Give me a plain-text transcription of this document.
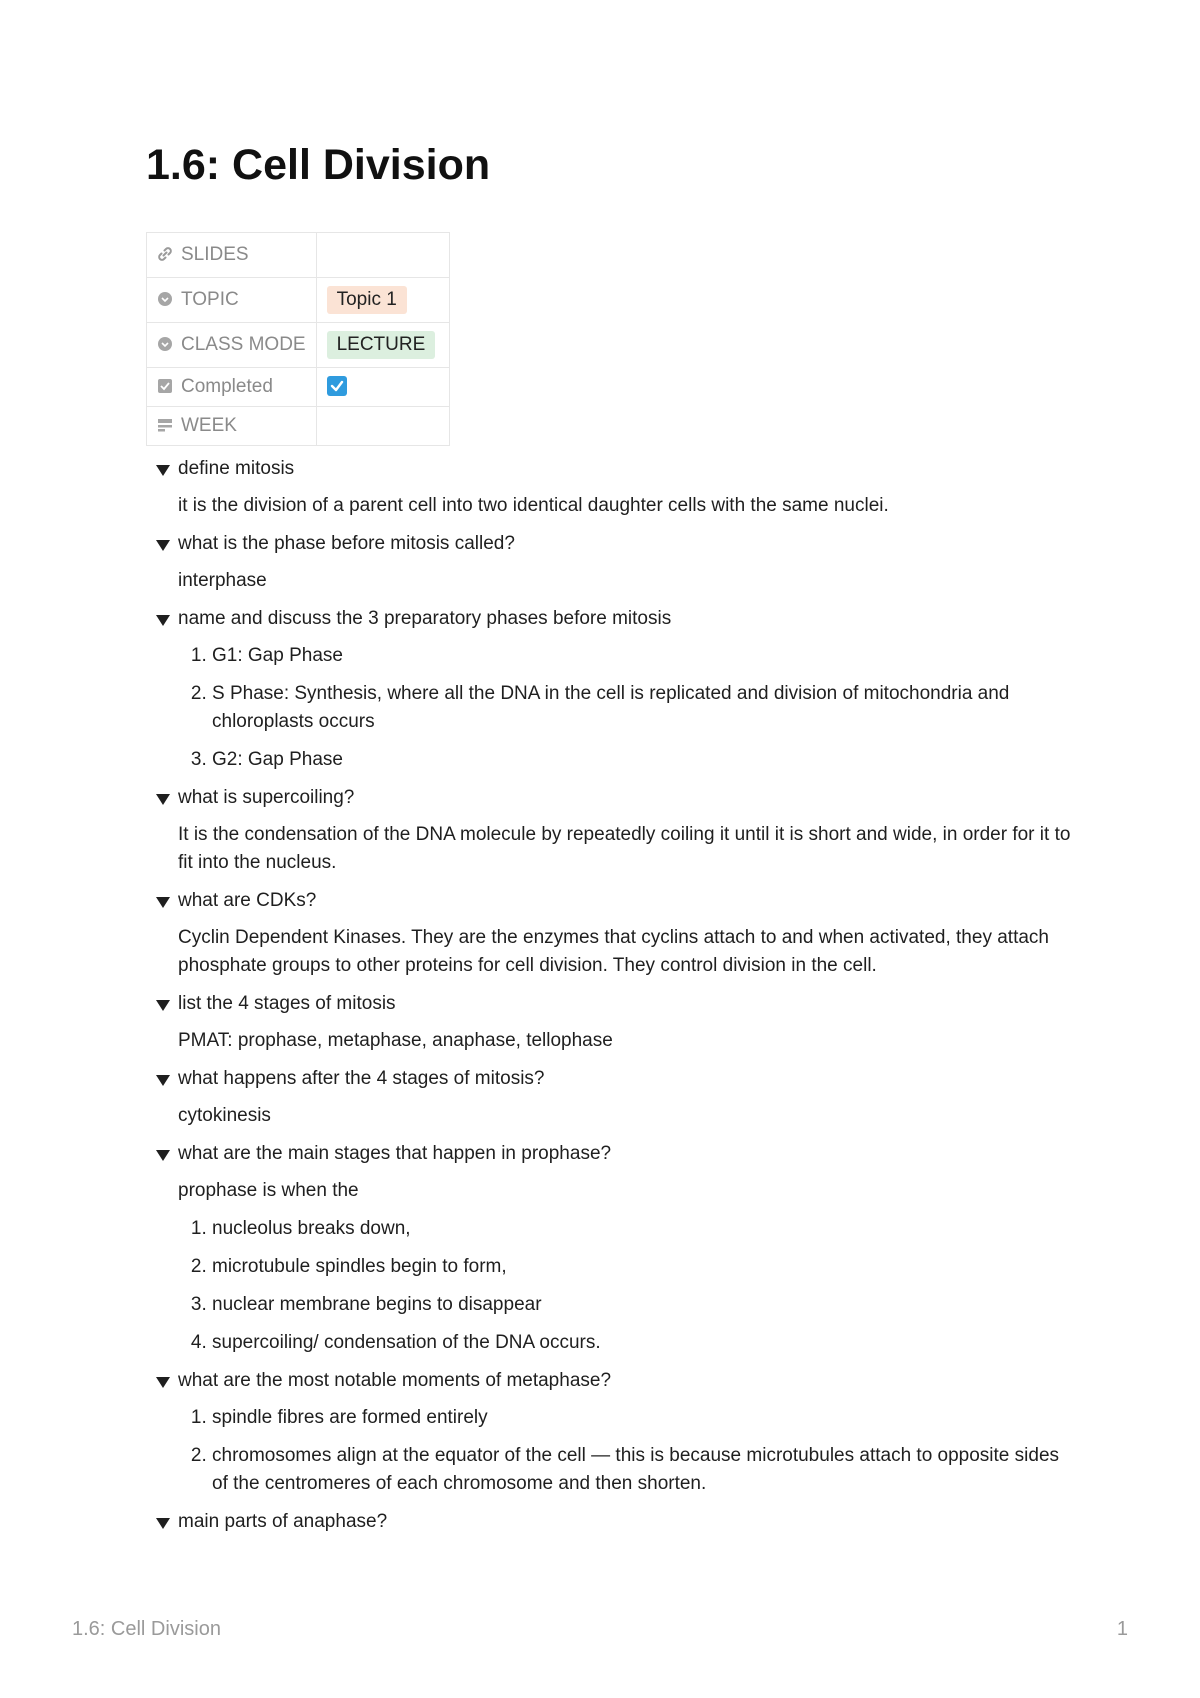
1.6: Cell Division
SLIDES	
TOPIC	Topic 1
CLASS MODE	LECTURE
Completed	

WEEK	
define mitosis

it is the division of a parent cell into two identical daughter cells with the same nuclei.

what is the phase before mitosis called?

interphase

name and discuss the 3 preparatory phases before mitosis
1. G1: Gap Phase
2. S Phase: Synthesis, where all the DNA in the cell is replicated and division of mitochondria and chloroplasts occurs
3. G2: Gap Phase
what is supercoiling?

It is the condensation of the DNA molecule by repeatedly coiling it until it is short and wide, in order for it to fit into the nucleus.

what are CDKs?

Cyclin Dependent Kinases. They are the enzymes that cyclins attach to and when activated, they attach phosphate groups to other proteins for cell division. They control division in the cell.

list the 4 stages of mitosis

PMAT: prophase, metaphase, anaphase, tellophase

what happens after the 4 stages of mitosis?

cytokinesis

what are the main stages that happen in prophase?

prophase is when the

1. nucleolus breaks down,
2. microtubule spindles begin to form,
3. nuclear membrane begins to disappear
4. supercoiling/ condensation of the DNA occurs.
what are the most notable moments of metaphase?
1. spindle fibres are formed entirely
2. chromosomes align at the equator of the cell — this is because microtubules attach to opposite sides of the centromeres of each chromosome and then shorten.
main parts of anaphase?
1.6: Cell Division	1
